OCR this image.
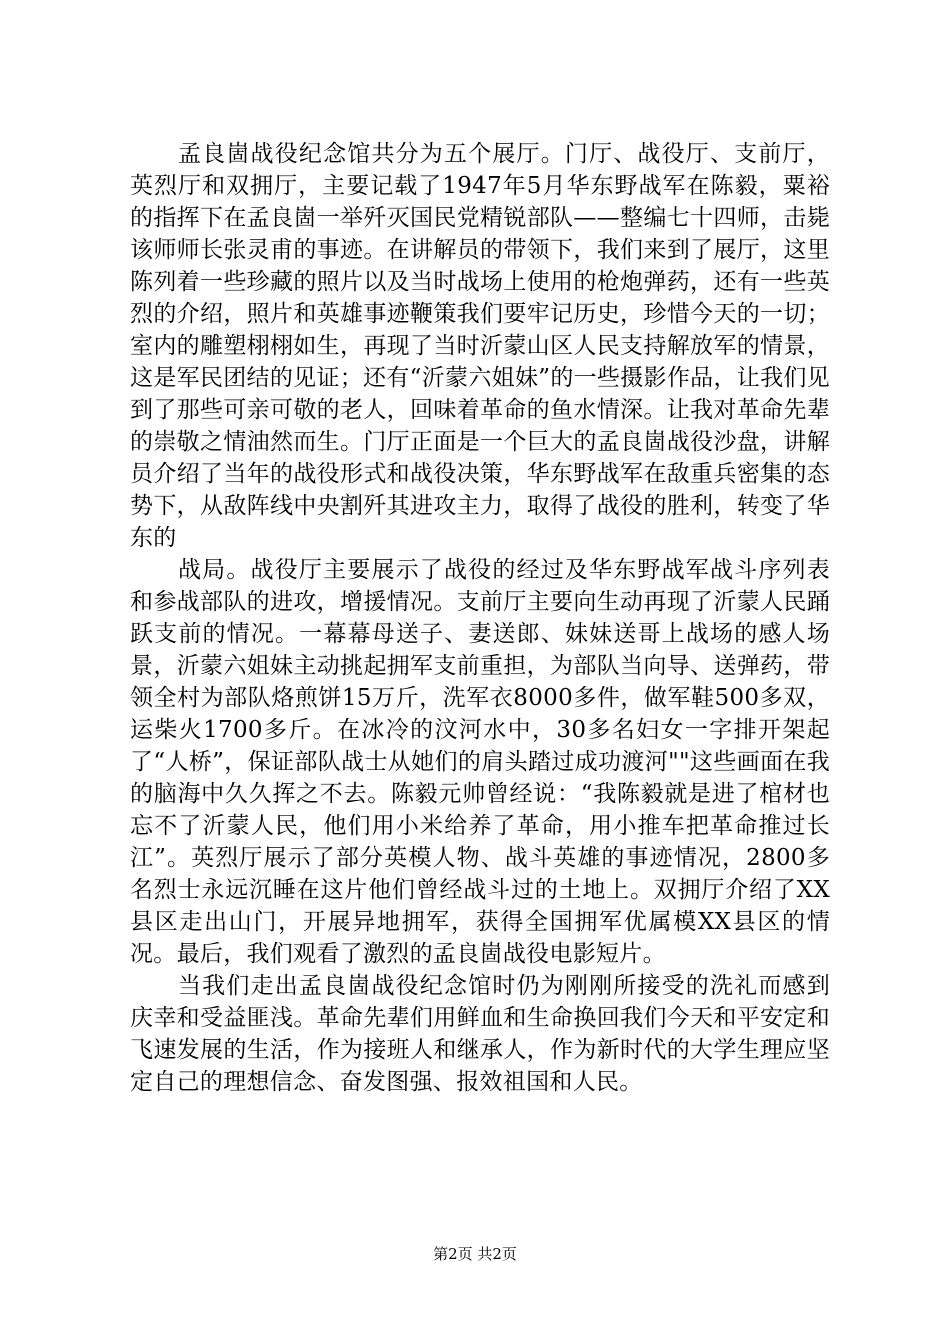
孟良崮战役纪念馆共分为五个展厅。门厅、战役厅、支前厅，英烈厅和双拥厅，主要记载了1947年5月华东野战军在陈毅，粟裕的指挥下在孟良崮一举歼灭国民党精锐部队——整编七十四师，击毙该师师长张灵甫的事迹。在讲解员的带领下，我们来到了展厅，这里陈列着一些珍藏的照片以及当时战场上使用的枪炮弹药，还有一些英烈的介绍，照片和英雄事迹鞭策我们要牢记历史，珍惜今天的一切；室内的雕塑栩栩如生，再现了当时沂蒙山区人民支持解放军的情景，这是军民团结的见证；还有“沂蒙六姐妹”的一些摄影作品，让我们见到了那些可亲可敬的老人，回味着革命的鱼水情深。让我对革命先辈的崇敬之情油然而生。门厅正面是一个巨大的孟良崮战役沙盘，讲解员介绍了当年的战役形式和战役决策，华东野战军在敌重兵密集的态势下，从敌阵线中央割歼其进攻主力，取得了战役的胜利，转变了华东的

战局。战役厅主要展示了战役的经过及华东野战军战斗序列表和参战部队的进攻，增援情况。支前厅主要向生动再现了沂蒙人民踊跃支前的情况。一幕幕母送子、妻送郎、妹妹送哥上战场的感人场景，沂蒙六姐妹主动挑起拥军支前重担，为部队当向导、送弹药，带领全村为部队烙煎饼15万斤，洗军衣8000多件，做军鞋500多双，运柴火1700多斤。在冰冷的汶河水中，30多名妇女一字排开架起了“人桥”，保证部队战士从她们的肩头踏过成功渡河""这些画面在我的脑海中久久挥之不去。陈毅元帅曾经说：“我陈毅就是进了棺材也忘不了沂蒙人民，他们用小米给养了革命，用小推车把革命推过长江”。英烈厅展示了部分英模人物、战斗英雄的事迹情况，2800多名烈士永远沉睡在这片他们曾经战斗过的土地上。双拥厅介绍了XX县区走出山门，开展异地拥军，获得全国拥军优属模XX县区的情况。最后，我们观看了激烈的孟良崮战役电影短片。

当我们走出孟良崮战役纪念馆时仍为刚刚所接受的洗礼而感到庆幸和受益匪浅。革命先辈们用鲜血和生命换回我们今天和平安定和飞速发展的生活，作为接班人和继承人，作为新时代的大学生理应坚定自己的理想信念、奋发图强、报效祖国和人民。

第2页 共2页
